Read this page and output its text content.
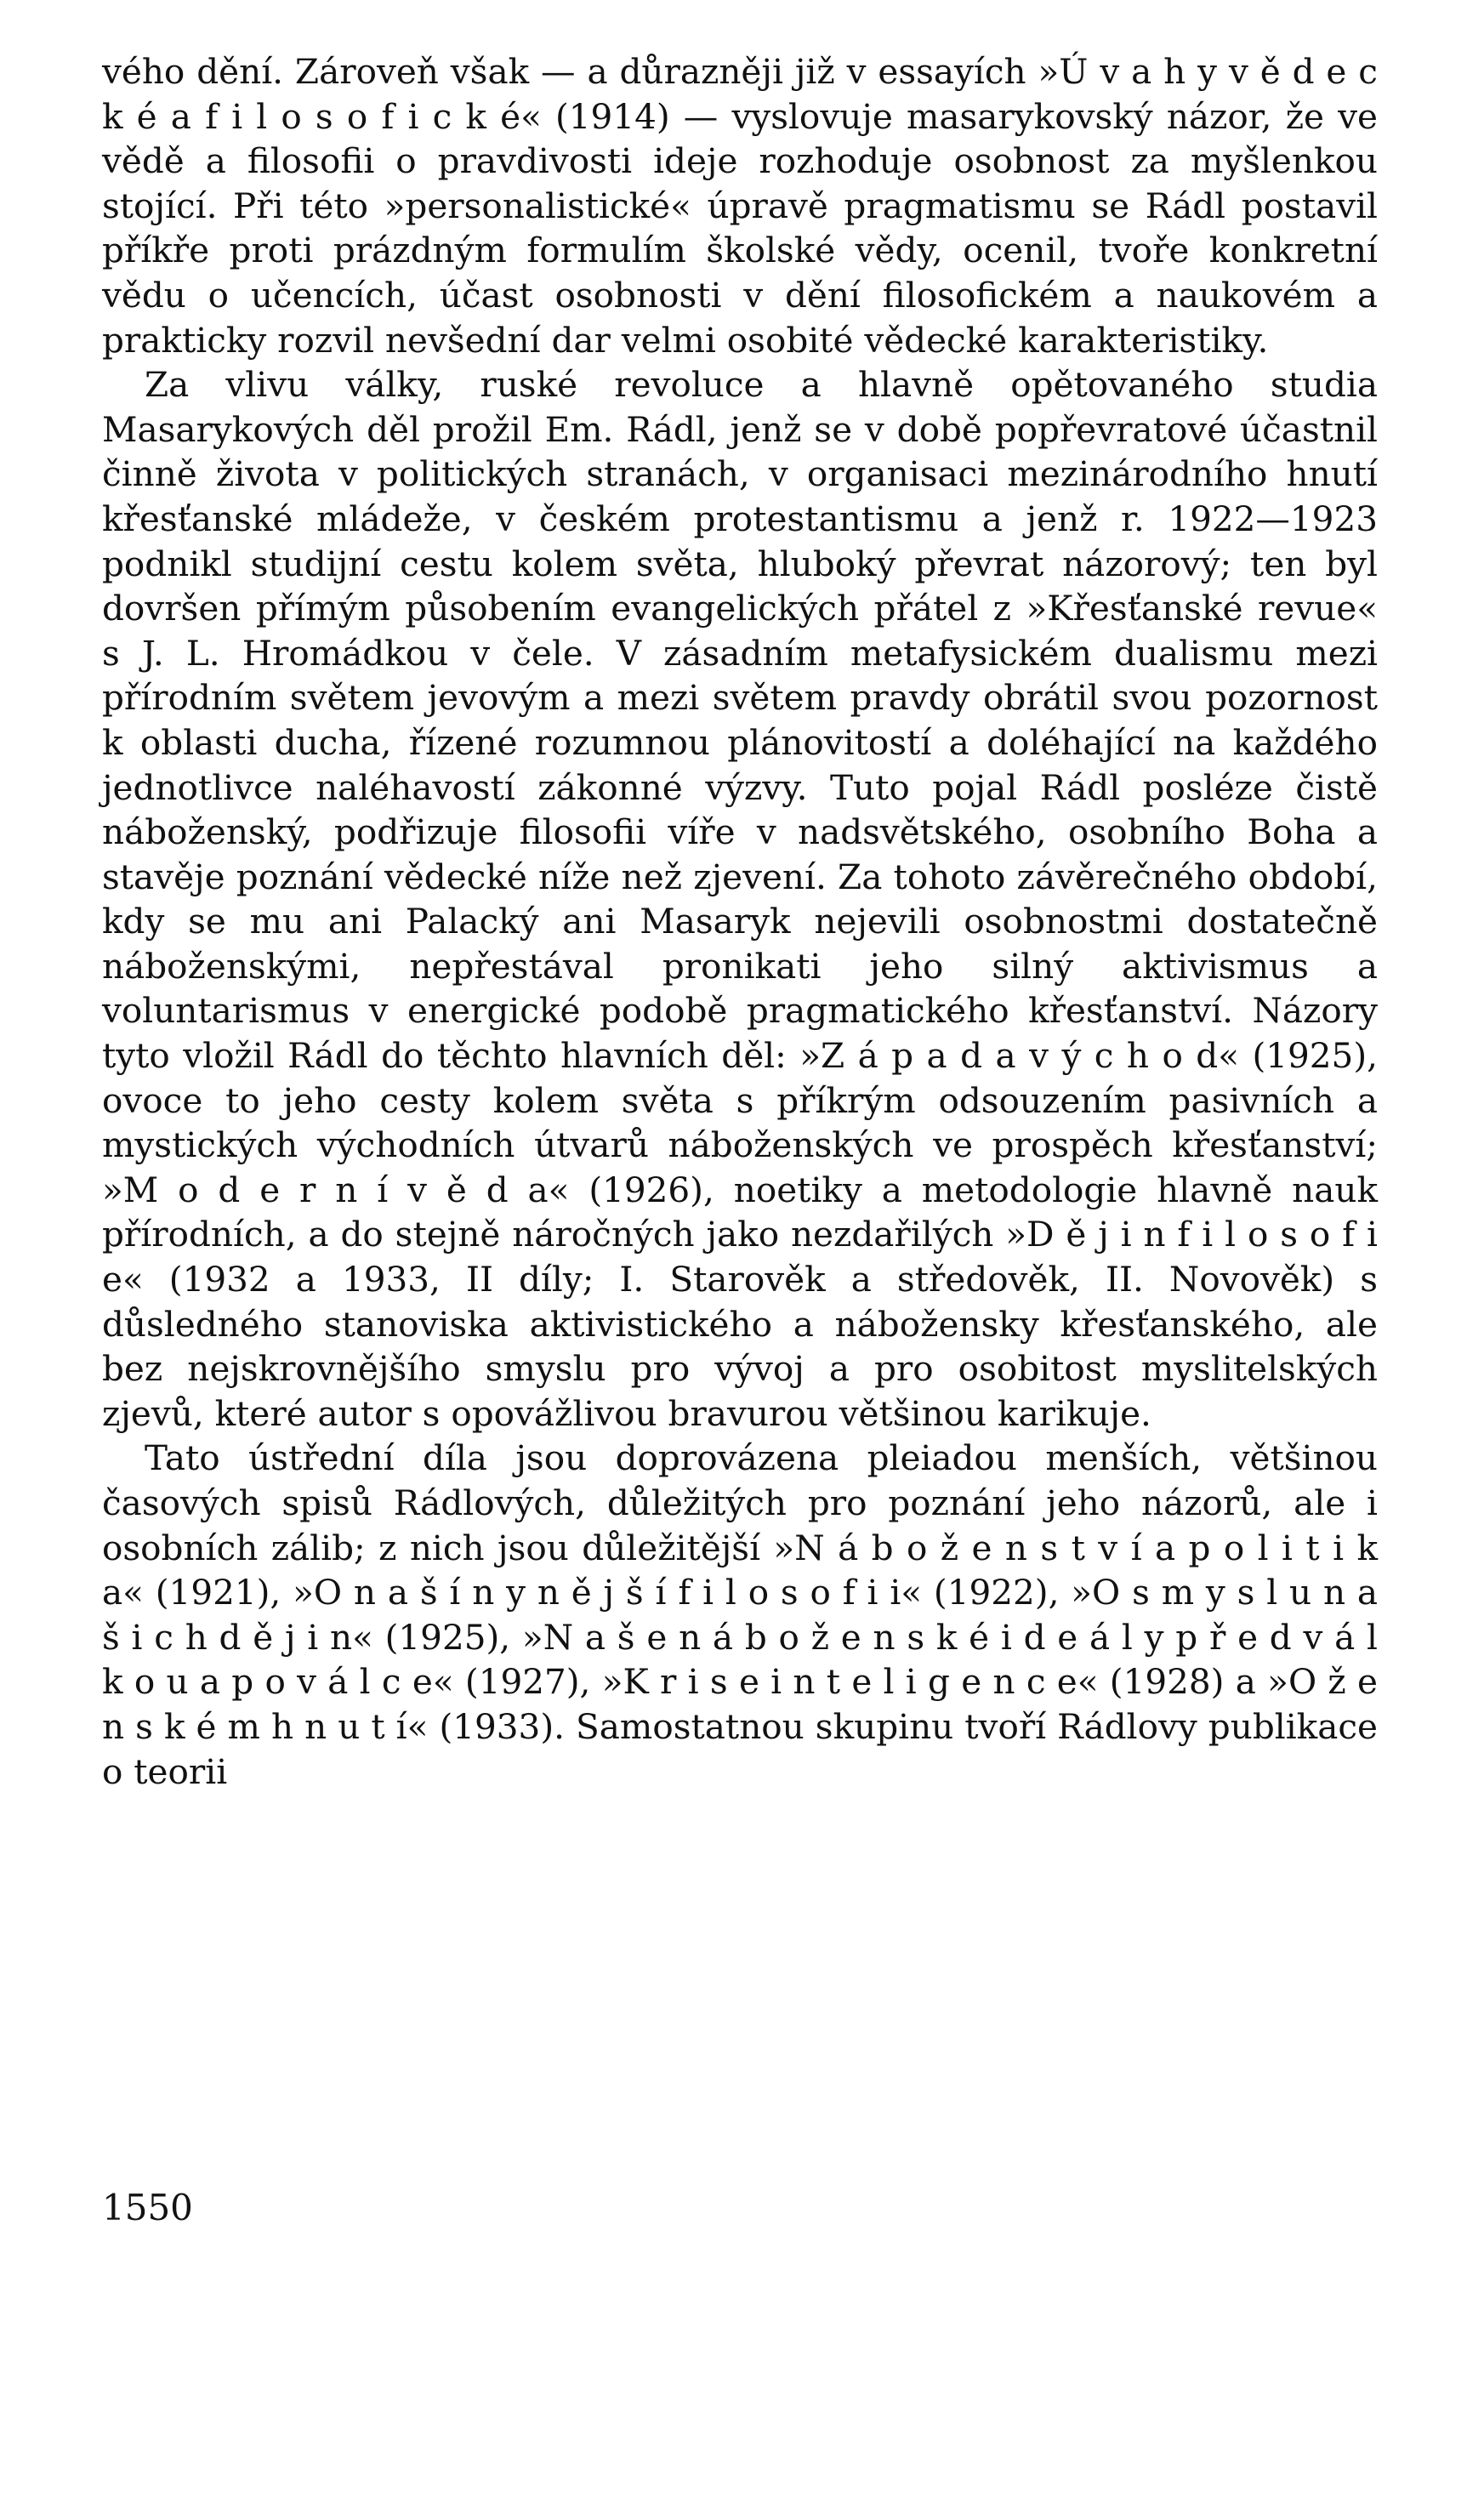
vého dění. Zároveň však — a důrazněji již v essayích »Ú v a h y v ě d e c k é a f i l o s o f i c k é« (1914) — vyslovuje masarykovský názor, že ve vědě a filosofii o pravdivosti ideje rozhoduje osobnost za myšlenkou stojící. Při této »personalistické« úpravě pragmatismu se Rádl postavil příkře proti prázdným formulím školské vědy, ocenil, tvoře konkretní vědu o učencích, účast osobnosti v dění filosofickém a naukovém a prakticky rozvil nevšední dar velmi osobité vědecké karakteristiky.

Za vlivu války, ruské revoluce a hlavně opětovaného studia Masarykových děl prožil Em. Rádl, jenž se v době popřevratové účastnil činně života v politických stranách, v organisaci mezinárodního hnutí křesťanské mládeže, v českém protestantismu a jenž r. 1922—1923 podnikl studijní cestu kolem světa, hluboký převrat názorový; ten byl dovršen přímým působením evangelických přátel z »Křesťanské revue« s J. L. Hromádkou v čele. V zásadním metafysickém dualismu mezi přírodním světem jevovým a mezi světem pravdy obrátil svou pozornost k oblasti ducha, řízené rozumnou plánovitostí a doléhající na každého jednotlivce naléhavostí zákonné výzvy. Tuto pojal Rádl posléze čistě náboženský, podřizuje filosofii víře v nadsvětského, osobního Boha a stavěje poznání vědecké níže než zjevení. Za tohoto závěrečného období, kdy se mu ani Palacký ani Masaryk nejevili osobnostmi dostatečně náboženskými, nepřestával pronikati jeho silný aktivismus a voluntarismus v energické podobě pragmatického křesťanství. Názory tyto vložil Rádl do těchto hlavních děl: »Z á p a d a v ý c h o d« (1925), ovoce to jeho cesty kolem světa s příkrým odsouzením pasivních a mystických východních útvarů náboženských ve prospěch křesťanství; »M o d e r n í v ě d a« (1926), noetiky a metodologie hlavně nauk přírodních, a do stejně náročných jako nezdařilých »D ě j i n f i l o s o f i e« (1932 a 1933, II díly; I. Starověk a středověk, II. Novověk) s důsledného stanoviska aktivistického a nábožensky křesťanského, ale bez nejskrovnějšího smyslu pro vývoj a pro osobitost myslitelských zjevů, které autor s opovážlivou bravurou většinou karikuje.

Tato ústřední díla jsou doprovázena pleiadou menších, většinou časových spisů Rádlových, důležitých pro poznání jeho názorů, ale i osobních zálib; z nich jsou důležitější »N á b o ž e n s t v í a p o l i t i k a« (1921), »O n a š í n y n ě j š í f i l o s o f i i« (1922), »O s m y s l u n a š i c h d ě j i n« (1925), »N a š e n á b o ž e n s k é i d e á l y p ř e d v á l k o u a p o v á l c e« (1927), »K r i s e i n t e l i g e n c e« (1928) a »O ž e n s k é m h n u t í« (1933). Samostatnou skupinu tvoří Rádlovy publikace o teorii

1550
